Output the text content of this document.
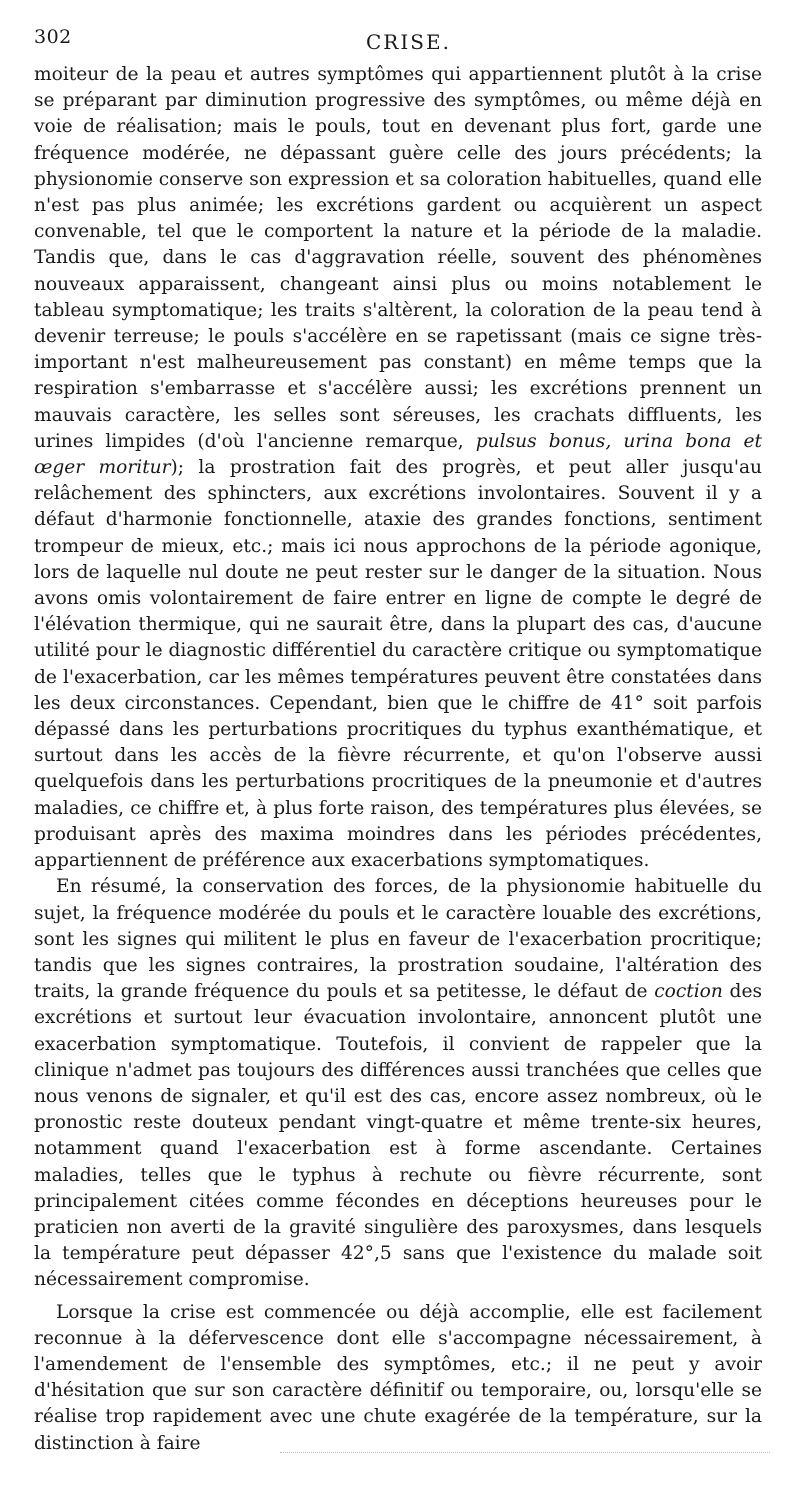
302	CRISE.

moiteur de la peau et autres symptômes qui appartiennent plutôt à la crise se préparant par diminution progressive des symptômes, ou même déjà en voie de réalisation; mais le pouls, tout en devenant plus fort, garde une fréquence modérée, ne dépassant guère celle des jours précédents; la physionomie conserve son expression et sa coloration habituelles, quand elle n'est pas plus animée; les excrétions gardent ou acquièrent un aspect convenable, tel que le comportent la nature et la période de la maladie. Tandis que, dans le cas d'aggravation réelle, souvent des phénomènes nouveaux apparaissent, changeant ainsi plus ou moins notablement le tableau symptomatique; les traits s'altèrent, la coloration de la peau tend à devenir terreuse; le pouls s'accélère en se rapetissant (mais ce signe très-important n'est malheureusement pas constant) en même temps que la respiration s'embarrasse et s'accélère aussi; les excrétions prennent un mauvais caractère, les selles sont séreuses, les crachats diffluents, les urines limpides (d'où l'ancienne remarque, pulsus bonus, urina bona et œger moritur); la prostration fait des progrès, et peut aller jusqu'au relâchement des sphincters, aux excrétions involontaires. Souvent il y a défaut d'harmonie fonctionnelle, ataxie des grandes fonctions, sentiment trompeur de mieux, etc.; mais ici nous approchons de la période agonique, lors de laquelle nul doute ne peut rester sur le danger de la situation. Nous avons omis volontairement de faire entrer en ligne de compte le degré de l'élévation thermique, qui ne saurait être, dans la plupart des cas, d'aucune utilité pour le diagnostic différentiel du caractère critique ou symptomatique de l'exacerbation, car les mêmes températures peuvent être constatées dans les deux circonstances. Cependant, bien que le chiffre de 41° soit parfois dépassé dans les perturbations procritiques du typhus exanthématique, et surtout dans les accès de la fièvre récurrente, et qu'on l'observe aussi quelquefois dans les perturbations procritiques de la pneumonie et d'autres maladies, ce chiffre et, à plus forte raison, des températures plus élevées, se produisant après des maxima moindres dans les périodes précédentes, appartiennent de préférence aux exacerbations symptomatiques.

En résumé, la conservation des forces, de la physionomie habituelle du sujet, la fréquence modérée du pouls et le caractère louable des excrétions, sont les signes qui militent le plus en faveur de l'exacerbation procritique; tandis que les signes contraires, la prostration soudaine, l'altération des traits, la grande fréquence du pouls et sa petitesse, le défaut de coction des excrétions et surtout leur évacuation involontaire, annoncent plutôt une exacerbation symptomatique. Toutefois, il convient de rappeler que la clinique n'admet pas toujours des différences aussi tranchées que celles que nous venons de signaler, et qu'il est des cas, encore assez nombreux, où le pronostic reste douteux pendant vingt-quatre et même trente-six heures, notamment quand l'exacerbation est à forme ascendante. Certaines maladies, telles que le typhus à rechute ou fièvre récurrente, sont principalement citées comme fécondes en déceptions heureuses pour le praticien non averti de la gravité singulière des paroxysmes, dans lesquels la température peut dépasser 42°,5 sans que l'existence du malade soit nécessairement compromise.

Lorsque la crise est commencée ou déjà accomplie, elle est facilement reconnue à la défervescence dont elle s'accompagne nécessairement, à l'amendement de l'ensemble des symptômes, etc.; il ne peut y avoir d'hésitation que sur son caractère définitif ou temporaire, ou, lorsqu'elle se réalise trop rapidement avec une chute exagérée de la température, sur la distinction à faire
